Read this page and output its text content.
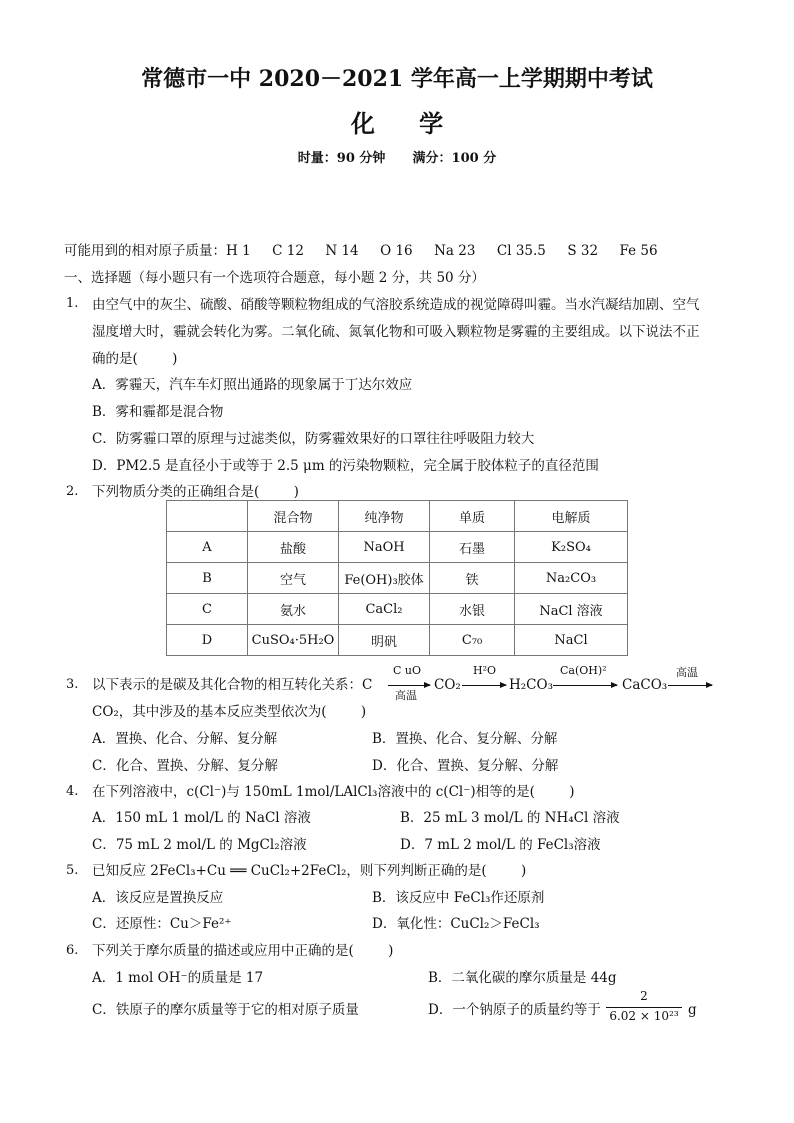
常德市一中 2020－2021 学年高一上学期期中考试
化 学
时量：90 分钟      满分：100 分
可能用到的相对原子质量：H 1     C 12     N 14     O 16     Na 23     Cl 35.5     S 32     Fe 56
一、选择题（每小题只有一个选项符合题意，每小题 2 分，共 50 分）
1. 由空气中的灰尘、硫酸、硝酸等颗粒物组成的气溶胶系统造成的视觉障碍叫霾。当水汽凝结加剧、空气
湿度增大时，霾就会转化为雾。二氧化硫、氮氧化物和可吸入颗粒物是雾霾的主要组成。以下说法不正
确的是(        )
A．雾霾天，汽车车灯照出通路的现象属于丁达尔效应
B．雾和霾都是混合物
C．防雾霾口罩的原理与过滤类似，防雾霾效果好的口罩往往呼吸阻力较大
D．PM2.5 是直径小于或等于 2.5 μm 的污染物颗粒，完全属于胶体粒子的直径范围
2. 下列物质分类的正确组合是(        )
	混合物	纯净物	单质	电解质
A	盐酸	NaOH	石墨	K₂SO₄
B	空气	Fe(OH)₃胶体	铁	Na₂CO₃
C	氨水	CaCl₂	水银	NaCl 溶液
D	CuSO₄·5H₂O	明矾	C₇₀	NaCl
3. 以下表示的是碳及其化合物的相互转化关系：C
C uO
高温
CO₂
H²O
→ H₂CO₃
Ca(OH)²
→ CaCO₃
高温
CO₂，其中涉及的基本反应类型依次为(        )
A．置换、化合、分解、复分解	B．置换、化合、复分解、分解
C．化合、置换、分解、复分解	D．化合、置换、复分解、分解
4. 在下列溶液中，c(Cl⁻)与 150mL 1mol/LAlCl₃溶液中的 c(Cl⁻)相等的是(        )
A．150 mL 1 mol/L 的 NaCl 溶液	B．25 mL 3 mol/L 的 NH₄Cl 溶液
C．75 mL 2 mol/L 的 MgCl₂溶液	D．7 mL 2 mol/L 的 FeCl₃溶液
5. 已知反应 2FeCl₃+Cu ══ CuCl₂+2FeCl₂，则下列判断正确的是(        )
A．该反应是置换反应	B．该反应中 FeCl₃作还原剂
C．还原性：Cu＞Fe²⁺	D．氧化性：CuCl₂＞FeCl₃
6. 下列关于摩尔质量的描述或应用中正确的是(        )
A．1 mol OH⁻的质量是 17	B．二氧化碳的摩尔质量是 44g
C．铁原子的摩尔质量等于它的相对原子质量	D．一个钠原子的质量约等于
2
6.02 × 10²³ g
